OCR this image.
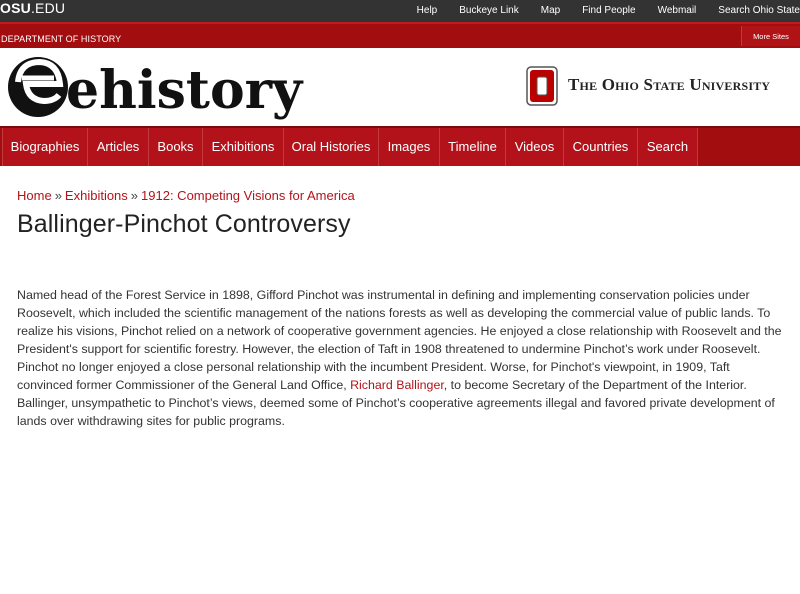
OSU.EDU	Help Buckeye Link Map Find People Webmail Search Ohio State
DEPARTMENT OF HISTORY	More Sites
ehistory	The Ohio State University
Biographies	Articles	Books	Exhibitions	Oral Histories	Images	Timeline	Videos	Countries	Search
Home » Exhibitions » 1912: Competing Visions for America
Ballinger-Pinchot Controversy

Named head of the Forest Service in 1898, Gifford Pinchot was instrumental in defining and implementing conservation policies under Roosevelt, which included the scientific management of the nations forests as well as developing the commercial value of public lands. To realize his visions, Pinchot relied on a network of cooperative government agencies. He enjoyed a close relationship with Roosevelt and the President's support for scientific forestry. However, the election of Taft in 1908 threatened to undermine Pinchot’s work under Roosevelt. Pinchot no longer enjoyed a close personal relationship with the incumbent President. Worse, for Pinchot's viewpoint, in 1909, Taft convinced former Commissioner of the General Land Office, Richard Ballinger, to become Secretary of the Department of the Interior. Ballinger, unsympathetic to Pinchot’s views, deemed some of Pinchot’s cooperative agreements illegal and favored private development of lands over withdrawing sites for public programs.
